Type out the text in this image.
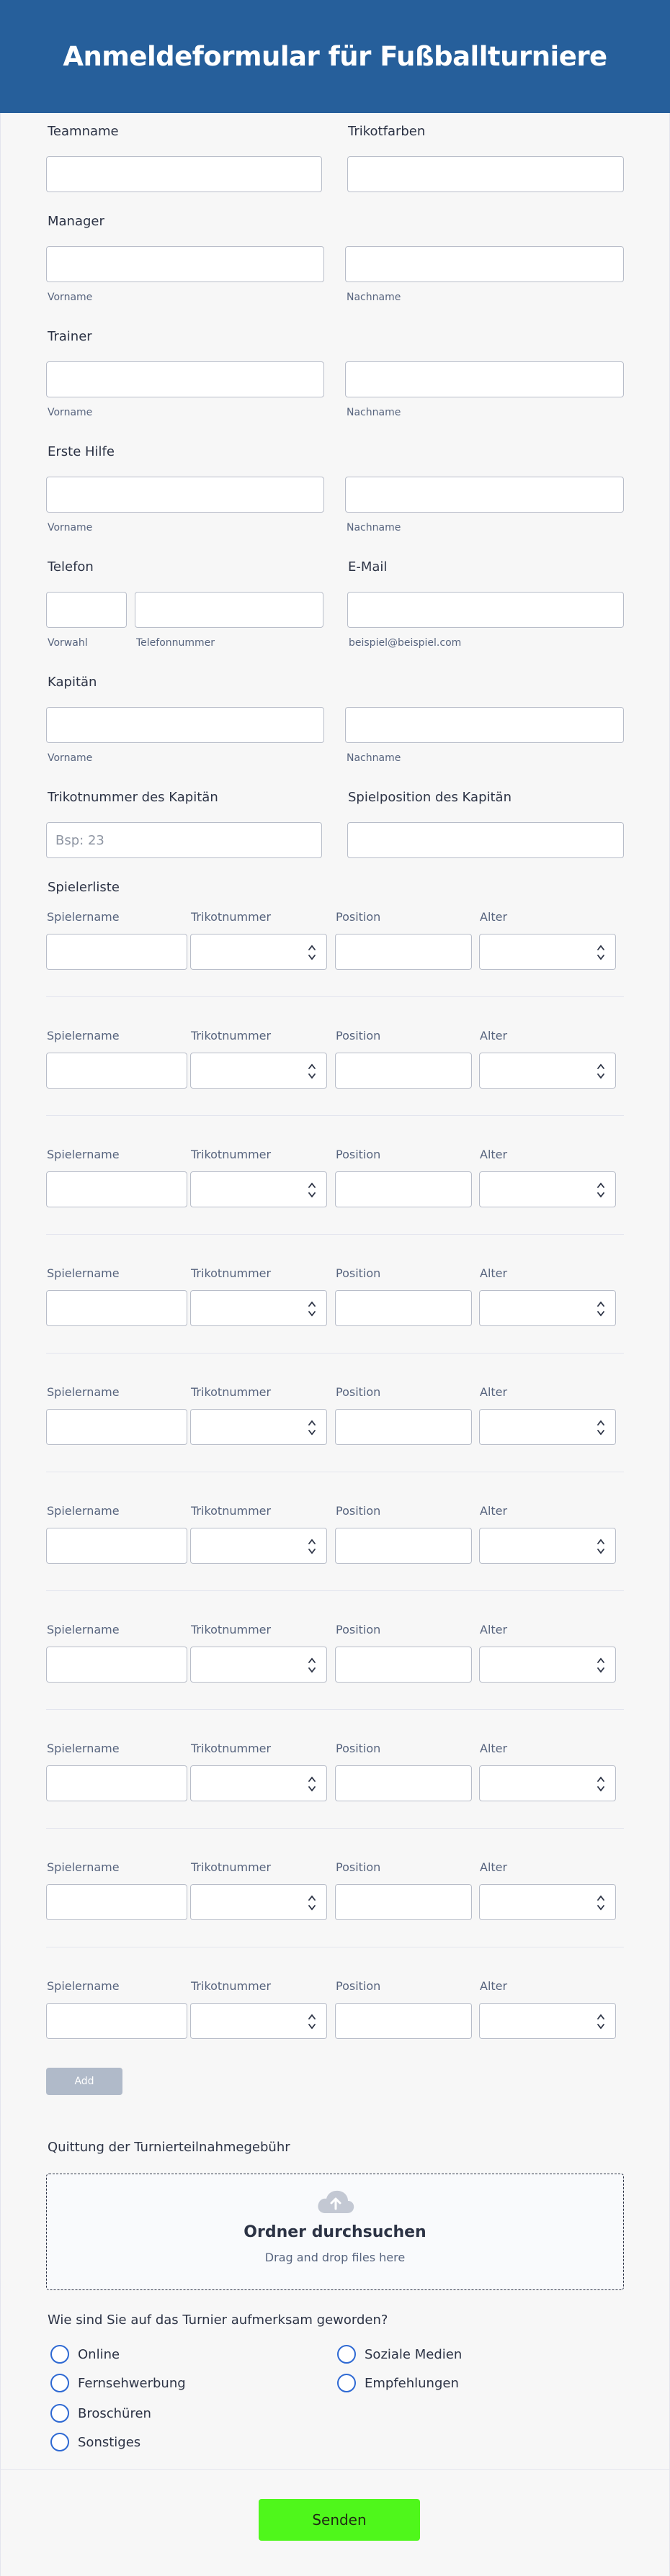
Anmeldeformular für Fußballturniere
Teamname	Trikotfarben
Manager
Vorname	Nachname
Trainer
Vorname	Nachname
Erste Hilfe
Vorname	Nachname
Telefon	E-Mail
Vorwahl	Telefonnummer	beispiel@beispiel.com
Kapitän
Vorname	Nachname
Trikotnummer des Kapitän	Spielposition des Kapitän
Bsp: 23
Spielerliste
Spielername	Trikotnummer	Position	Alter
Spielername	Trikotnummer	Position	Alter
Spielername	Trikotnummer	Position	Alter
Spielername	Trikotnummer	Position	Alter
Spielername	Trikotnummer	Position	Alter
Spielername	Trikotnummer	Position	Alter
Spielername	Trikotnummer	Position	Alter
Spielername	Trikotnummer	Position	Alter
Spielername	Trikotnummer	Position	Alter
Spielername	Trikotnummer	Position	Alter
Add
Quittung der Turnierteilnahmegebühr
Ordner durchsuchen
Drag and drop files here
Wie sind Sie auf das Turnier aufmerksam geworden?
Online	Soziale Medien
Fernsehwerbung	Empfehlungen
Broschüren
Sonstiges
Senden
